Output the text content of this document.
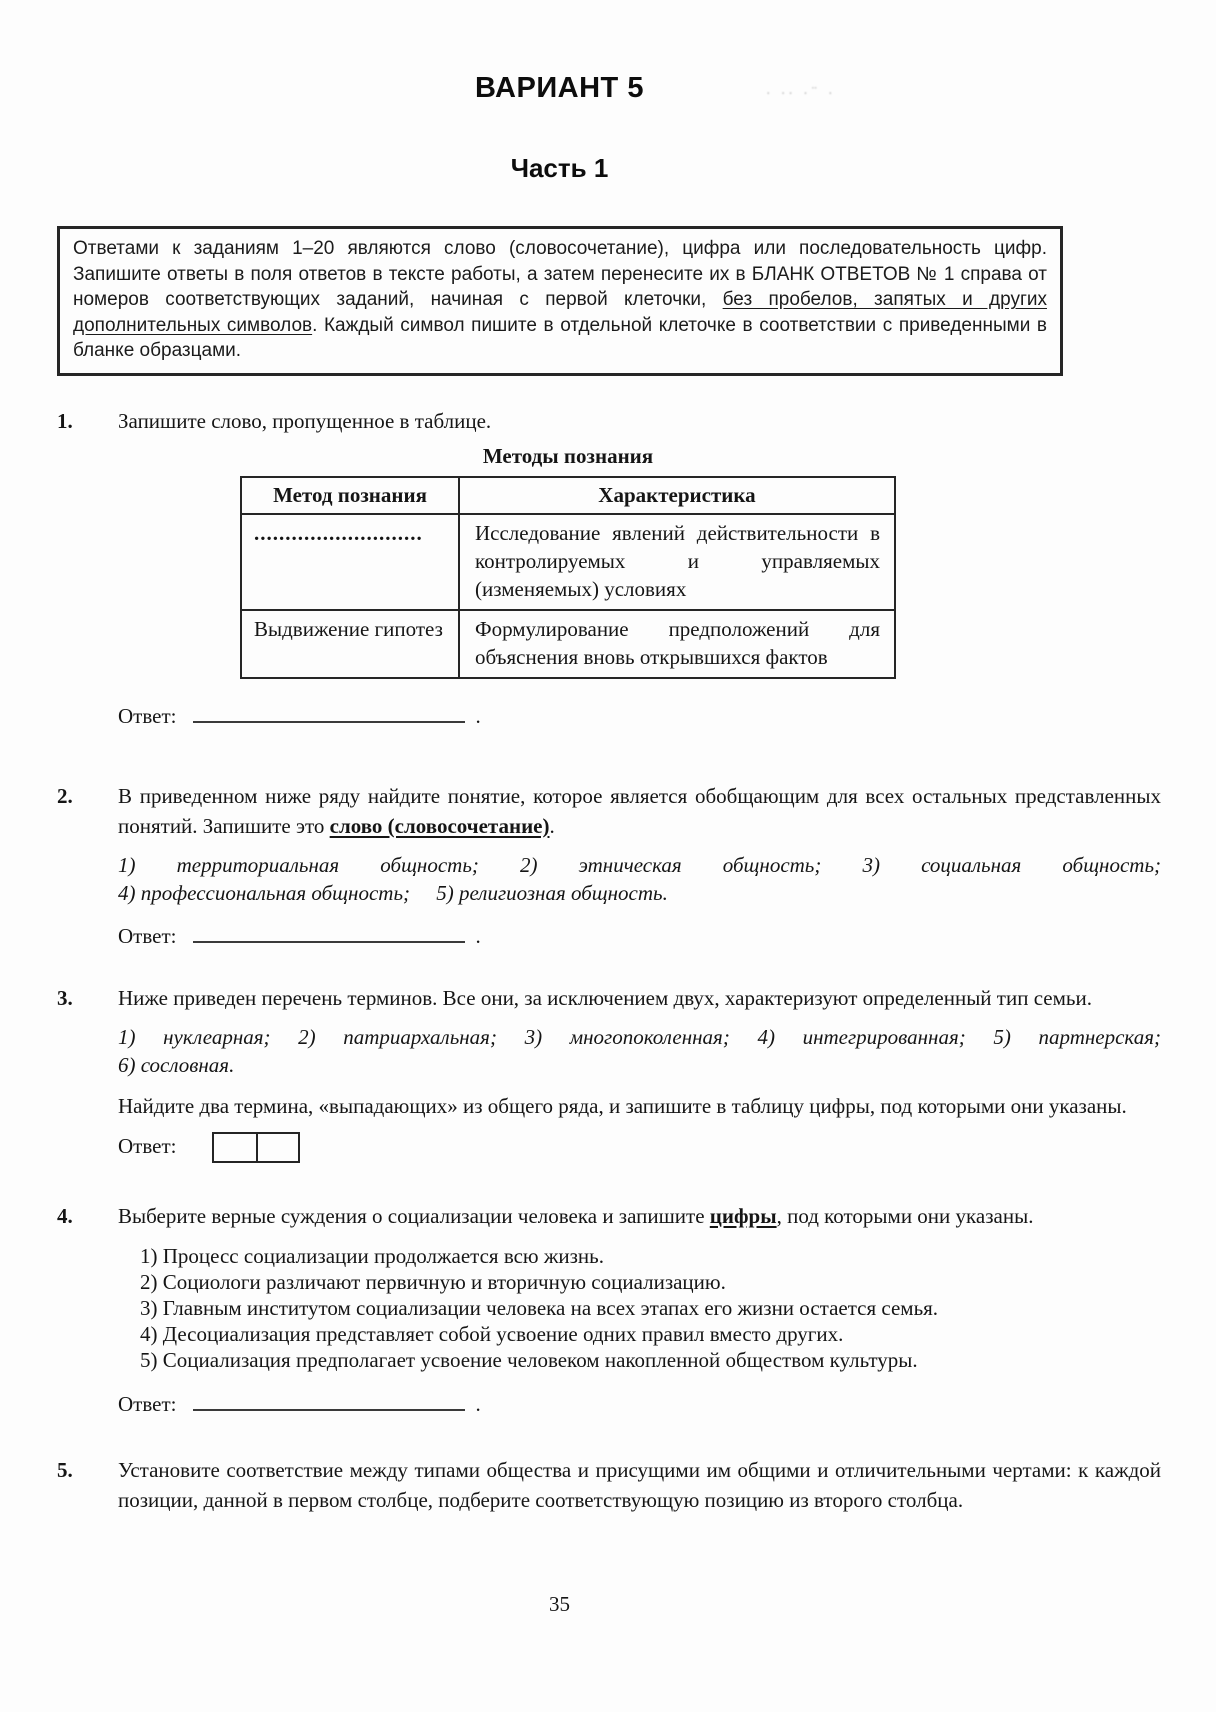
· ·· ·¨ ·
ВАРИАНТ 5
Часть 1
Ответами к заданиям 1–20 являются слово (словосочетание), цифра или последовательность цифр. Запишите ответы в поля ответов в тексте работы, а затем перенесите их в БЛАНК ОТВЕТОВ № 1 справа от номеров соответствующих заданий, начиная с первой клеточки, без пробелов, запятых и других дополнительных символов. Каждый символ пишите в отдельной клеточке в соответствии с приведенными в бланке образцами.
1.	Запишите слово, пропущенное в таблице.

Методы познания
Метод познания	Характеристика
...........................	Исследование явлений действительности в контролируемых и управляемых (изменяемых) условиях
Выдвижение гипотез	Формулирование предположений для объяснения вновь открывшихся фактов
Ответ:	.
2.	В приведенном ниже ряду найдите понятие, которое является обобщающим для всех остальных представленных понятий. Запишите это слово (словосочетание).

1) территориальная общность; 2) этническая общность; 3) социальная общность;
4) профессиональная общность;  5) религиозная общность.
Ответ:	.
3.	Ниже приведен перечень терминов. Все они, за исключением двух, характеризуют определенный тип семьи.

1) нуклеарная; 2) патриархальная; 3) многопоколенная; 4) интегрированная; 5) партнерская;
6) сословная.

Найдите два термина, «выпадающих» из общего ряда, и запишите в таблицу цифры, под которыми они указаны.

Ответ:
4.	Выберите верные суждения о социализации человека и запишите цифры, под которыми они указаны.

1) Процесс социализации продолжается всю жизнь.
2) Социологи различают первичную и вторичную социализацию.
3) Главным институтом социализации человека на всех этапах его жизни остается семья.
4) Десоциализация представляет собой усвоение одних правил вместо других.
5) Социализация предполагает усвоение человеком накопленной обществом культуры.
Ответ:	.
5.	Установите соответствие между типами общества и присущими им общими и отличительными чертами: к каждой позиции, данной в первом столбце, подберите соответствующую позицию из второго столбца.

35
